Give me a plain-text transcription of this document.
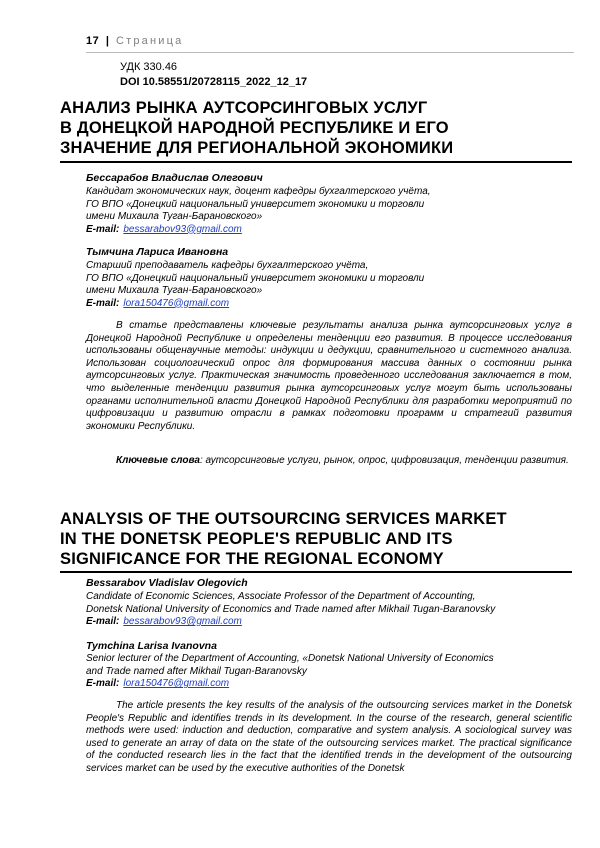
17 | Страница
УДК 330.46
DOI 10.58551/20728115_2022_12_17
АНАЛИЗ РЫНКА АУТСОРСИНГОВЫХ УСЛУГ
В ДОНЕЦКОЙ НАРОДНОЙ РЕСПУБЛИКЕ И ЕГО
ЗНАЧЕНИЕ ДЛЯ РЕГИОНАЛЬНОЙ ЭКОНОМИКИ
Бессарабов Владислав Олегович
Кандидат экономических наук, доцент кафедры бухгалтерского учёта,
ГО ВПО «Донецкий национальный университет экономики и торговли
имени Михаила Туган-Барановского»
E-mail: bessarabov93@gmail.com
Тымчина Лариса Ивановна
Старший преподаватель кафедры бухгалтерского учёта,
ГО ВПО «Донецкий национальный университет экономики и торговли
имени Михаила Туган-Барановского»
E-mail: lora150476@gmail.com
В статье представлены ключевые результаты анализа рынка аутсорсинговых услуг в Донецкой Народной Республике и определены тенденции его развития. В процессе исследования использованы общенаучные методы: индукции и дедукции, сравнительного и системного анализа. Использован социологический опрос для формирования массива данных о состоянии рынка аутсорсинговых услуг. Практическая значимость проведенного исследования заключается в том, что выделенные тенденции развития рынка аутсорсинговых услуг могут быть использованы органами исполнительной власти Донецкой Народной Республики для разработки мероприятий по цифровизации и развитию отрасли в рамках подготовки программ и стратегий развития экономики Республики.
Ключевые слова: аутсорсинговые услуги, рынок, опрос, цифровизация, тенденции развития.
ANALYSIS OF THE OUTSOURCING SERVICES MARKET
IN THE DONETSK PEOPLE'S REPUBLIC AND ITS
SIGNIFICANCE FOR THE REGIONAL ECONOMY
Bessarabov Vladislav Olegovich
Candidate of Economic Sciences, Associate Professor of the Department of Accounting,
Donetsk National University of Economics and Trade named after Mikhail Tugan-Baranovsky
E-mail: bessarabov93@gmail.com
Tymchina Larisa Ivanovna
Senior lecturer of the Department of Accounting, «Donetsk National University of Economics
and Trade named after Mikhail Tugan-Baranovsky
E-mail: lora150476@gmail.com
The article presents the key results of the analysis of the outsourcing services market in the Donetsk People's Republic and identifies trends in its development. In the course of the research, general scientific methods were used: induction and deduction, comparative and system analysis. A sociological survey was used to generate an array of data on the state of the outsourcing services market. The practical significance of the conducted research lies in the fact that the identified trends in the development of the outsourcing services market can be used by the executive authorities of the Donetsk
